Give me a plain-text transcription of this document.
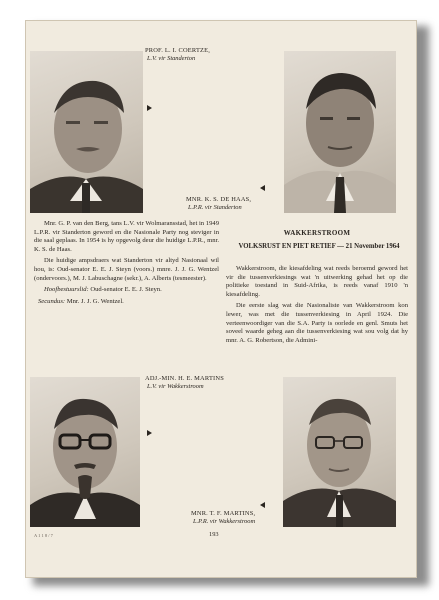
PROF. L. I. COERTZE,
L.V. vir Standerton
MNR. K. S. DE HAAS,
L.P.R. vir Standerton

Mnr. G. P. van den Berg, tans L.V. vir Wolmaransstad, het in 1949 L.P.R. vir Standerton geword en die Nasionale Party nog steviger in die saal geplaas. In 1954 is hy opgevolg deur die huidige L.P.R., mnr. K. S. de Haas.

Die huidige ampsdraers wat Standerton vir altyd Nasionaal wil hou, is: Oud-senator E. E. J. Steyn (voors.) mnre. J. J. G. Wentzel (ondervoors.), M. J. Labuschagne (sekr.), A. Alberts (tesmeester).

Hoofbestuurslid: Oud-senator E. E. J. Steyn.

Secundus: Mnr. J. J. G. Wentzel.

WAKKERSTROOM
VOLKSRUST EN PIET RETIEF — 21 November 1964

Wakkerstroom, die kiesafdeling wat reeds beroemd geword het vir die tussenverkiesings wat 'n uitwerking gehad het op die politieke toestand in Suid-Afrika, is reeds vanaf 1910 'n kiesafdeling.

Die eerste slag wat die Nasionaliste van Wakkerstroom kon lewer, was met die tussenverkiesing in April 1924. Die verteenwoordiger van die S.A. Party is oorlede en genl. Smuts het soveel waarde geheg aan die tussenverkiesing wat sou volg dat hy mnr. A. G. Robertson, die Admini-

ADJ.-MIN. H. E. MARTINS
L.V. vir Wakkerstroom
MNR. T. F. MARTINS,
L.P.R. vir Wakkerstroom
A 1 1 8 / 7	193
